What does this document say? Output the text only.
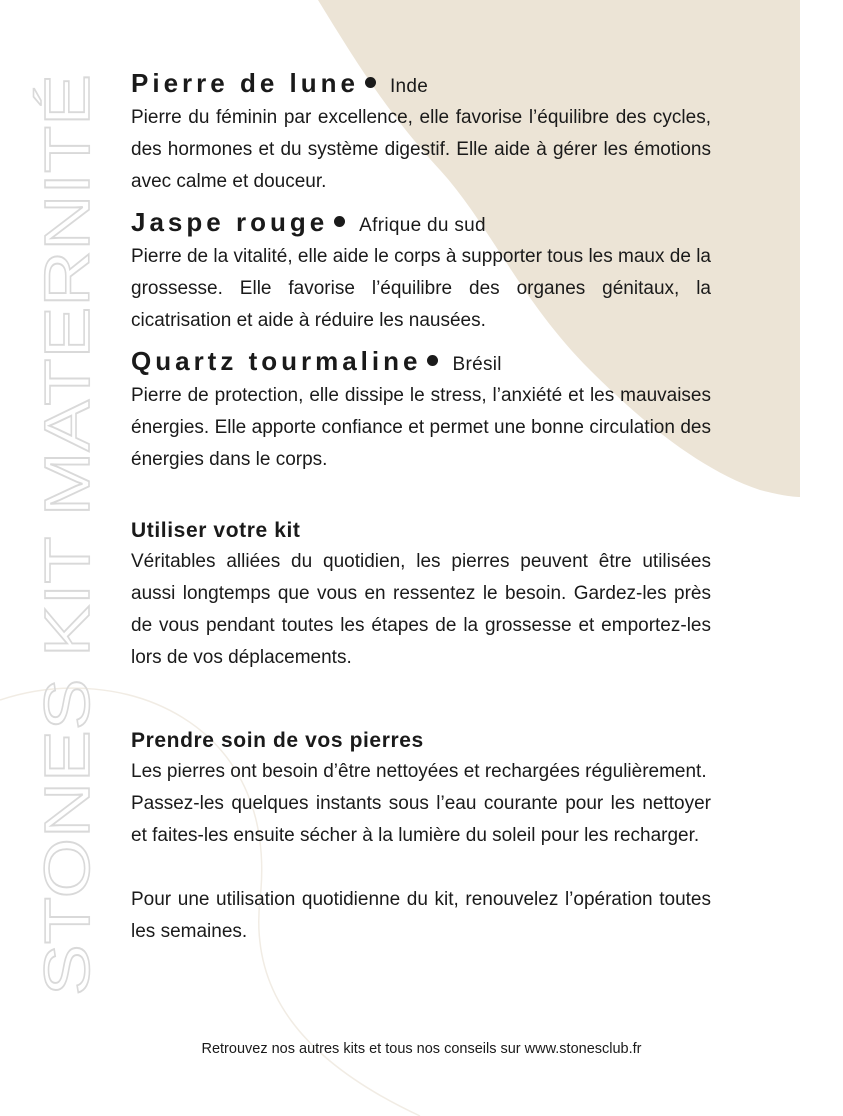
STONES KIT MATERNITÉ
Pierre de lune Inde

Pierre du féminin par excellence, elle favorise l’équilibre des cycles, des hormones et du système digestif. Elle aide à gérer les émotions avec calme et douceur.

Jaspe rouge Afrique du sud

Pierre de la vitalité, elle aide le corps à supporter tous les maux de la grossesse. Elle favorise l’équilibre des organes génitaux, la cicatrisation et aide à réduire les nausées.

Quartz tourmaline Brésil

Pierre de protection, elle dissipe le stress, l’anxiété et les mauvaises énergies. Elle apporte confiance et permet une bonne circulation des énergies dans le corps.

Utiliser votre kit

Véritables alliées du quotidien, les pierres peuvent être utilisées aussi longtemps que vous en ressentez le besoin. Gardez-les près de vous pendant toutes les étapes de la grossesse et emportez-les lors de vos déplacements.

Prendre soin de vos pierres

Les pierres ont besoin d’être nettoyées et rechargées régulièrement.

Passez-les quelques instants sous l’eau courante pour les nettoyer et faites-les ensuite sécher à la lumière du soleil pour les recharger.

Pour une utilisation quotidienne du kit, renouvelez l’opération toutes les semaines.

Retrouvez nos autres kits et tous nos conseils sur www.stonesclub.fr
